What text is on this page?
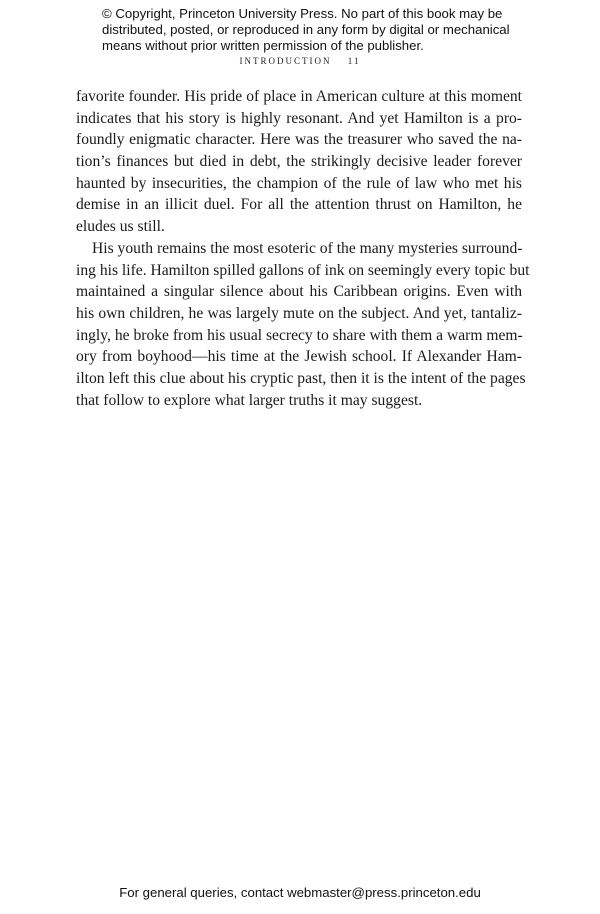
© Copyright, Princeton University Press. No part of this book may be
distributed, posted, or reproduced in any form by digital or mechanical
means without prior written permission of the publisher.
INTRODUCTION 11
favorite founder. His pride of place in American culture at this moment
indicates that his story is highly resonant. And yet Hamilton is a pro-
foundly enigmatic character. Here was the treasurer who saved the na-
tion’s finances but died in debt, the strikingly decisive leader forever
haunted by insecurities, the champion of the rule of law who met his
demise in an illicit duel. For all the attention thrust on Hamilton, he
eludes us still.
His youth remains the most esoteric of the many mysteries surround-
ing his life. Hamilton spilled gallons of ink on seemingly every topic but
maintained a singular silence about his Caribbean origins. Even with
his own children, he was largely mute on the subject. And yet, tantaliz-
ingly, he broke from his usual secrecy to share with them a warm mem-
ory from boyhood—his time at the Jewish school. If Alexander Ham-
ilton left this clue about his cryptic past, then it is the intent of the pages
that follow to explore what larger truths it may suggest.
For general queries, contact webmaster@press.princeton.edu
